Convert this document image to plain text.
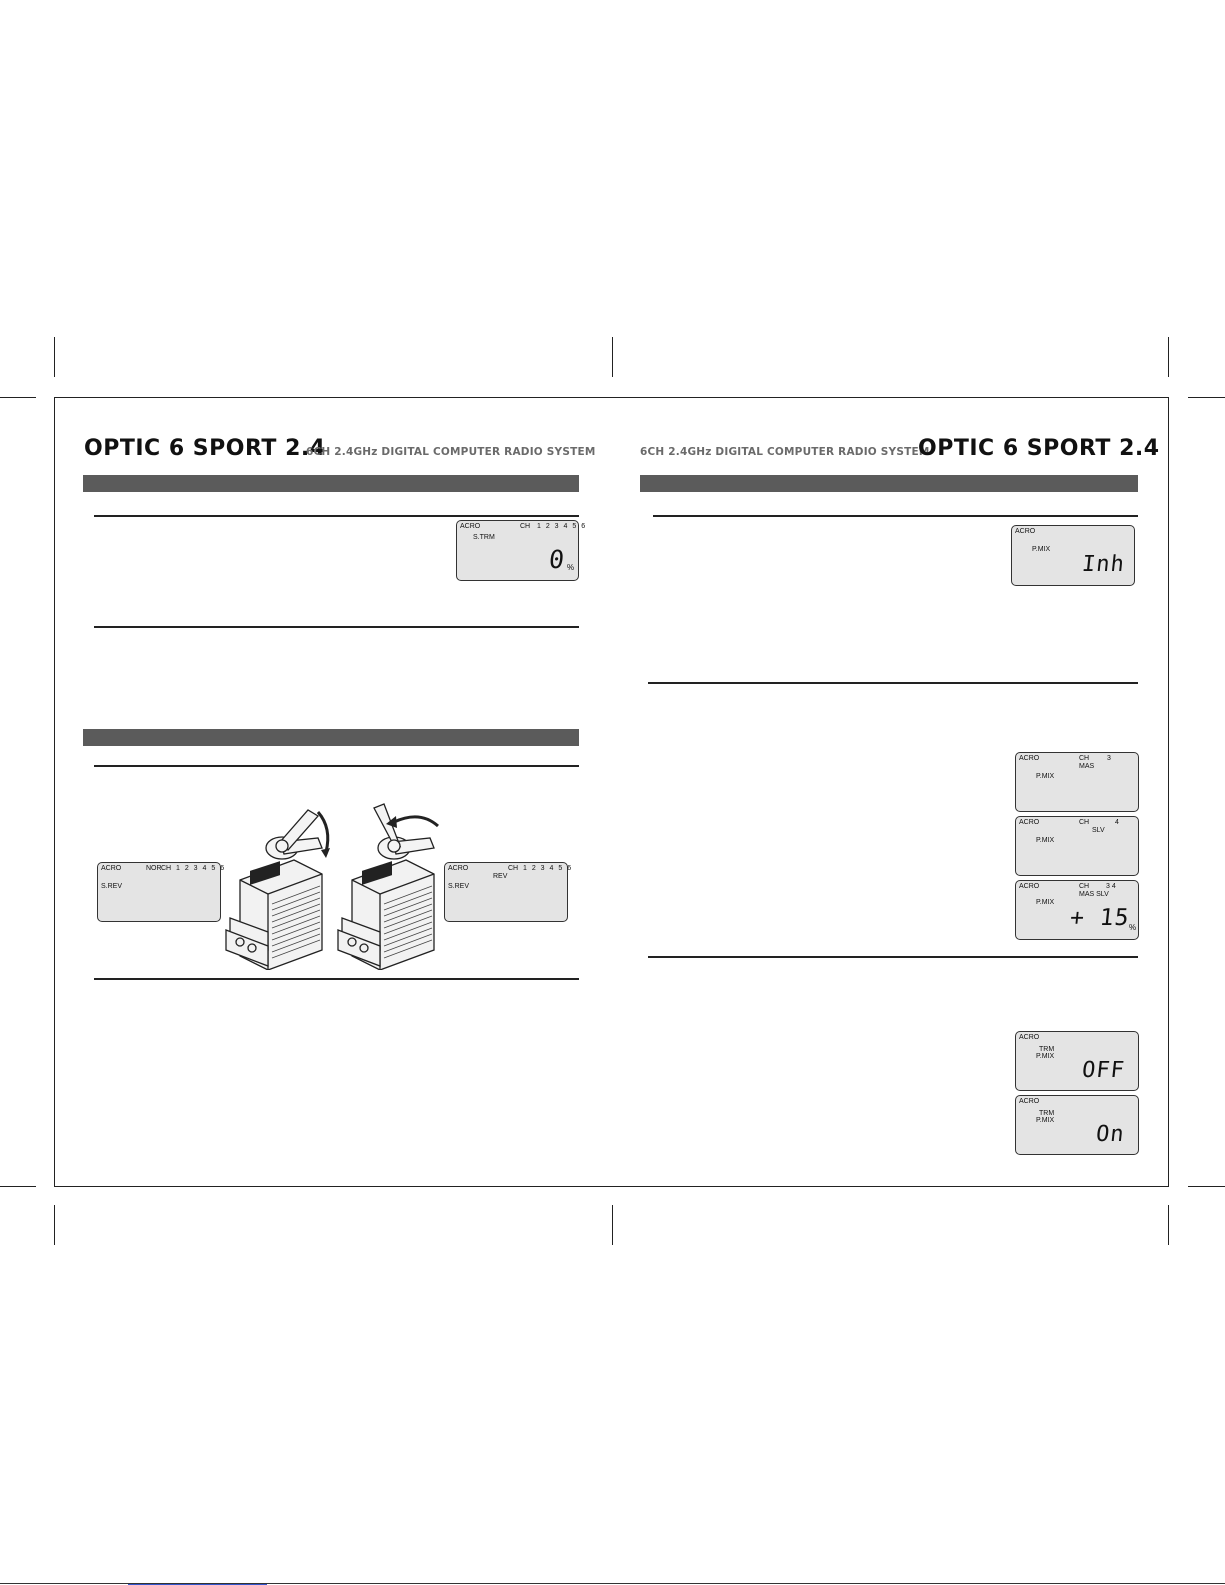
OPTIC 6 SPORT 2.4
6CH 2.4GHz DIGITAL COMPUTER RADIO SYSTEM	6CH 2.4GHz DIGITAL COMPUTER RADIO SYSTEM
OPTIC 6 SPORT 2.4
ACRO	CH 1 2 3 4 5 6
S.TRM
0 %
ACRO	NOR CH 1 2 3 4 5 6
S.REV
ACRO	CH 1 2 3 4 5 6
REV
S.REV
ACRO
P.MIX
Inh
ACRO	CH	3
MAS
P.MIX
ACRO	CH	4
SLV
P.MIX
ACRO	CH 3 4
MAS SLV
P.MIX
+ 15
%
ACRO
TRM
P.MIX
OFF
ACRO
TRM
P.MIX
On
